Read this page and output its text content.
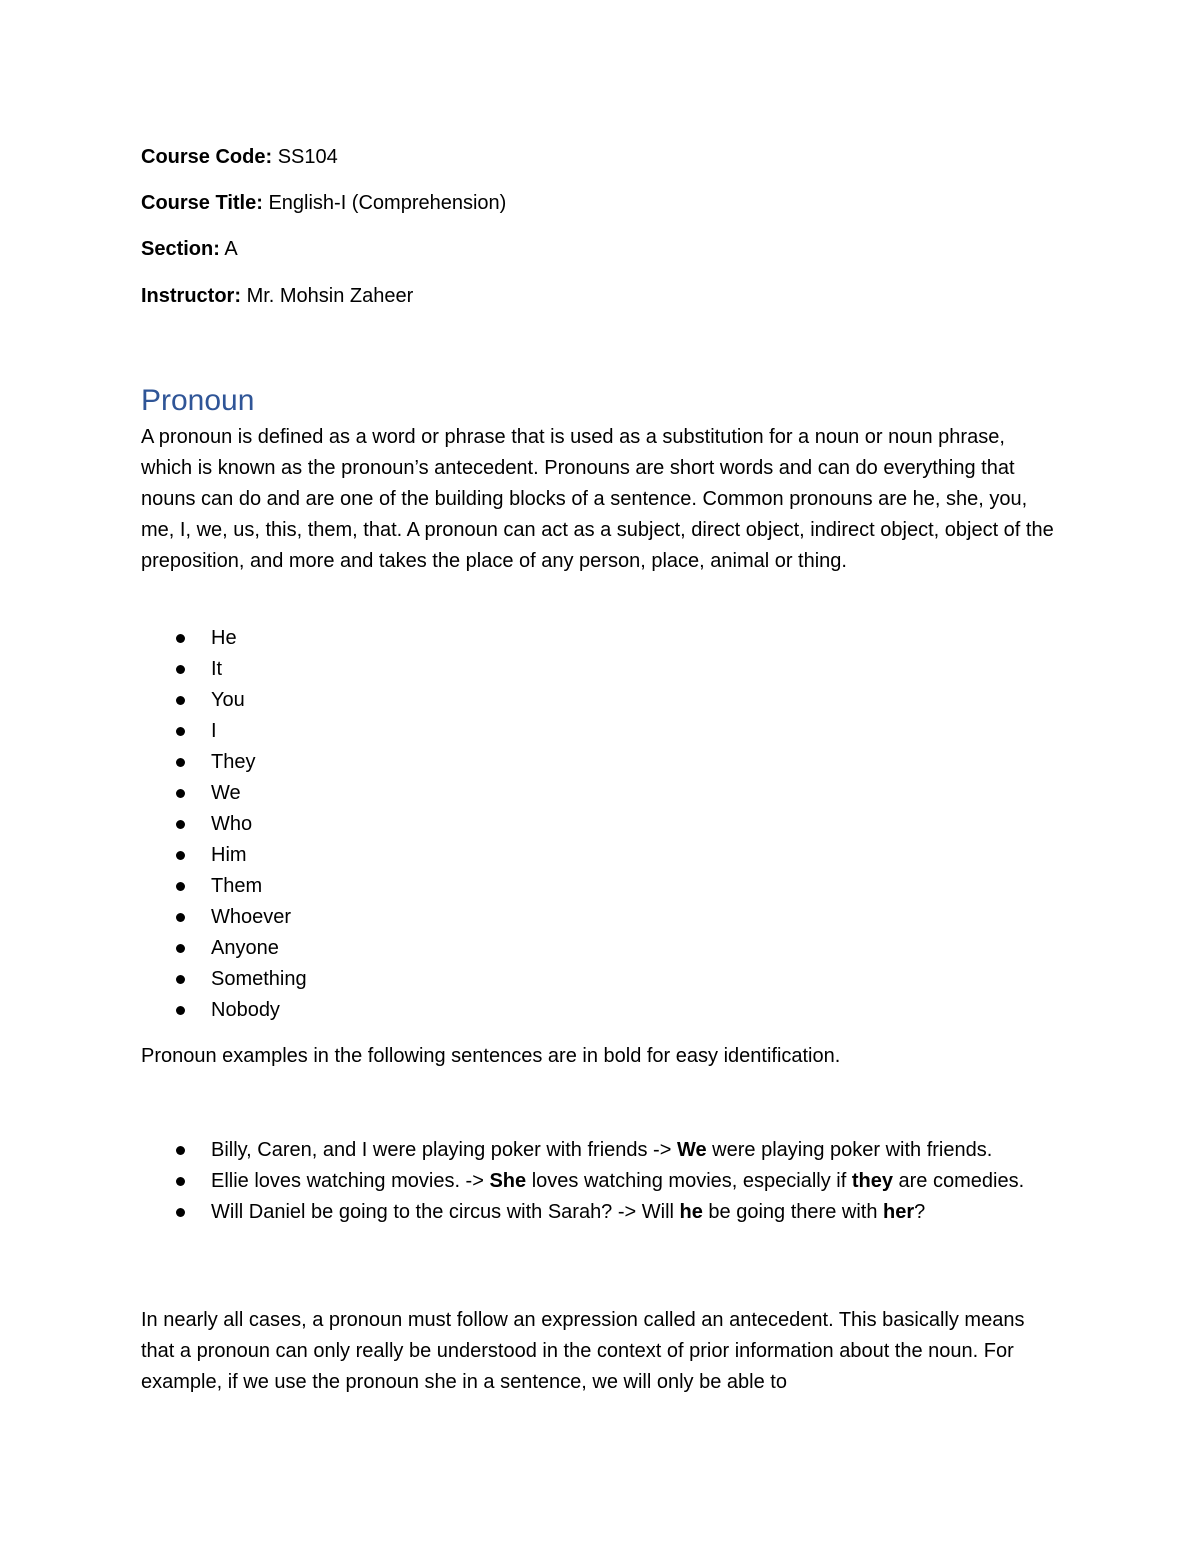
Course Code: SS104
Course Title: English-I (Comprehension)
Section: A
Instructor: Mr. Mohsin Zaheer
Pronoun

A pronoun is defined as a word or phrase that is used as a substitution for a noun or noun phrase, which is known as the pronoun’s antecedent. Pronouns are short words and can do everything that nouns can do and are one of the building blocks of a sentence. Common pronouns are he, she, you, me, I, we, us, this, them, that. A pronoun can act as a subject, direct object, indirect object, object of the preposition, and more and takes the place of any person, place, animal or thing.

He
It
You
I
They
We
Who
Him
Them
Whoever
Anyone
Something
Nobody

Pronoun examples in the following sentences are in bold for easy identification.

Billy, Caren, and I were playing poker with friends -> We were playing poker with friends.
Ellie loves watching movies. -> She loves watching movies, especially if they are comedies.
Will Daniel be going to the circus with Sarah? -> Will he be going there with her?

In nearly all cases, a pronoun must follow an expression called an antecedent. This basically means that a pronoun can only really be understood in the context of prior information about the noun. For example, if we use the pronoun she in a sentence, we will only be able to
